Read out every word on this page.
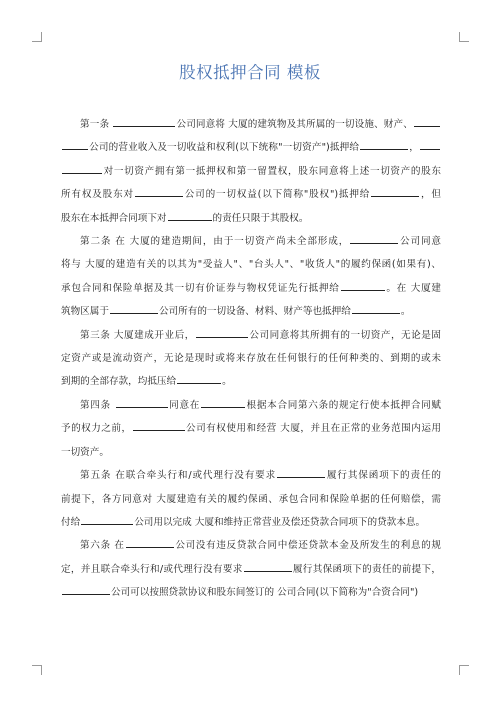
股权抵押合同 模板

第一条	公司同意将 大厦的建筑物及其所属的一切设施、财产、
公司的营业收入及一切收益和权利(以下统称"一切资产")抵押给	，
对一切资产拥有第一抵押权和第一留置权，股东同意将上述一切资产的股东
所有权及股东对	公司的一切权益(以下简称"股权")抵押给	，但
股东在本抵押合同项下对	的责任只限于其股权。

第二条 在 大厦的建造期间，由于一切资产尚未全部形成，	公司同意
将与 大厦的建造有关的以其为"受益人"、"台头人"、"收货人"的履约保函(如果有)、
承包合同和保险单据及其一切有价证券与物权凭证先行抵押给	。在 大厦建
筑物区属于	公司所有的一切设备、材料、财产等也抵押给	。

第三条 大厦建成开业后，	公司同意将其所拥有的一切资产，无论是固
定资产或是流动资产，无论是现时或将来存放在任何银行的任何种类的、到期的或未
到期的全部存款，均抵压给	。

第四条	同意在	根据本合同第六条的规定行使本抵押合同赋
予的权力之前，	公司有权使用和经营 大厦，并且在正常的业务范围内运用
一切资产。

第五条 在联合牵头行和/或代理行没有要求	履行其保函项下的责任的
前提下，各方同意对 大厦建造有关的履约保函、承包合同和保险单据的任何赔偿，需
付给	公司用以完成 大厦和维持正常营业及偿还贷款合同项下的贷款本息。

第六条 在	公司没有违反贷款合同中偿还贷款本金及所发生的利息的规
定，并且联合牵头行和/或代理行没有要求	履行其保函项下的责任的前提下，
公司可以按照贷款协议和股东间签订的 公司合同(以下简称为"合资合同")
